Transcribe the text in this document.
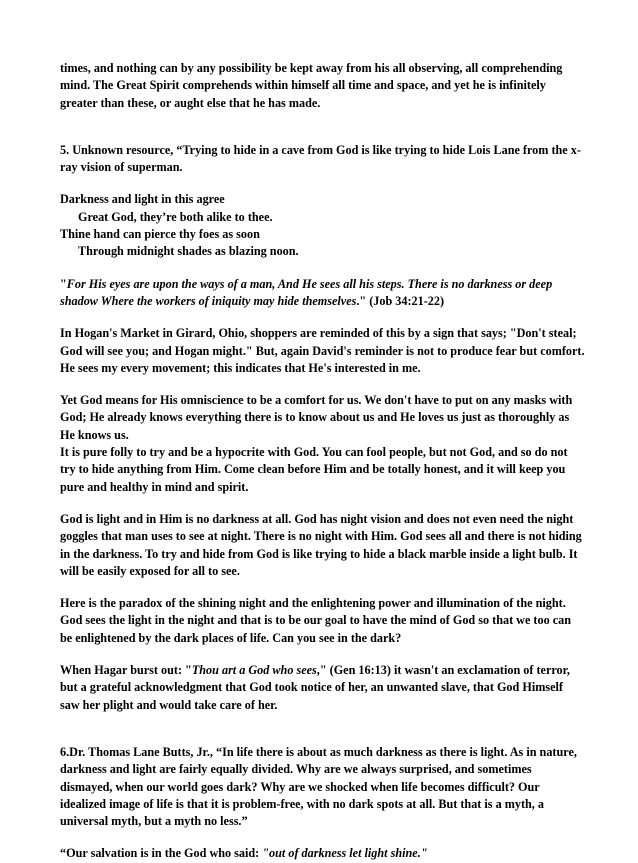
times, and nothing can by any possibility be kept away from his all observing, all comprehending mind. The Great Spirit comprehends within himself all time and space, and yet he is infinitely greater than these, or aught else that he has made.

5. Unknown resource, “Trying to hide in a cave from God is like trying to hide Lois Lane from the x-ray vision of superman.

Darkness and light in this agree

Great God, they’re both alike to thee.

Thine hand can pierce thy foes as soon

Through midnight shades as blazing noon.

"For His eyes are upon the ways of a man, And He sees all his steps. There is no darkness or deep shadow Where the workers of iniquity may hide themselves." (Job 34:21-22)

In Hogan's Market in Girard, Ohio, shoppers are reminded of this by a sign that says; "Don't steal; God will see you; and Hogan might." But, again David's reminder is not to produce fear but comfort. He sees my every movement; this indicates that He's interested in me.

Yet God means for His omniscience to be a comfort for us. We don't have to put on any masks with God; He already knows everything there is to know about us and He loves us just as thoroughly as He knows us.

It is pure folly to try and be a hypocrite with God. You can fool people, but not God, and so do not try to hide anything from Him. Come clean before Him and be totally honest, and it will keep you pure and healthy in mind and spirit.

God is light and in Him is no darkness at all. God has night vision and does not even need the night goggles that man uses to see at night. There is no night with Him. God sees all and there is not hiding in the darkness. To try and hide from God is like trying to hide a black marble inside a light bulb. It will be easily exposed for all to see.

Here is the paradox of the shining night and the enlightening power and illumination of the night. God sees the light in the night and that is to be our goal to have the mind of God so that we too can be enlightened by the dark places of life. Can you see in the dark?

When Hagar burst out: "Thou art a God who sees," (Gen 16:13) it wasn't an exclamation of terror, but a grateful acknowledgment that God took notice of her, an unwanted slave, that God Himself saw her plight and would take care of her.

6.Dr. Thomas Lane Butts, Jr., “In life there is about as much darkness as there is light. As in nature, darkness and light are fairly equally divided. Why are we always surprised, and sometimes dismayed, when our world goes dark? Why are we shocked when life becomes difficult? Our idealized image of life is that it is problem-free, with no dark spots at all. But that is a myth, a universal myth, but a myth no less.”

“Our salvation is in the God who said: "out of darkness let light shine."
